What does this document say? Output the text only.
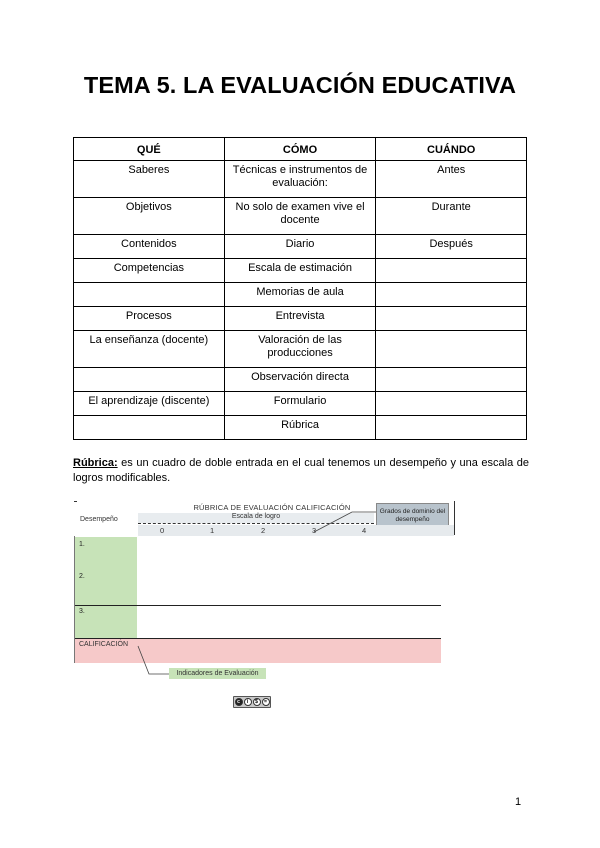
TEMA 5. LA EVALUACIÓN EDUCATIVA
QUÉ	CÓMO	CUÁNDO
Saberes	Técnicas e instrumentos de evaluación:	Antes
Objetivos	No solo de examen vive el docente	Durante
Contenidos	Diario	Después
Competencias	Escala de estimación	
	Memorias de aula	
Procesos	Entrevista	
La enseñanza (docente)	Valoración de las producciones	
	Observación directa	
El aprendizaje (discente)	Formulario	
	Rúbrica	

Rúbrica: es un cuadro de doble entrada en el cual tenemos un desempeño y una escala de logros modificables.

RÚBRICA DE EVALUACIÓN CALIFICACIÓN	Grados de dominio del desempeño
Desempeño	Escala de logro
0	1	2	3	4
1.
2.
3.
CALIFICACIÓN
Indicadores de Evaluación
c	i	$	=
1
